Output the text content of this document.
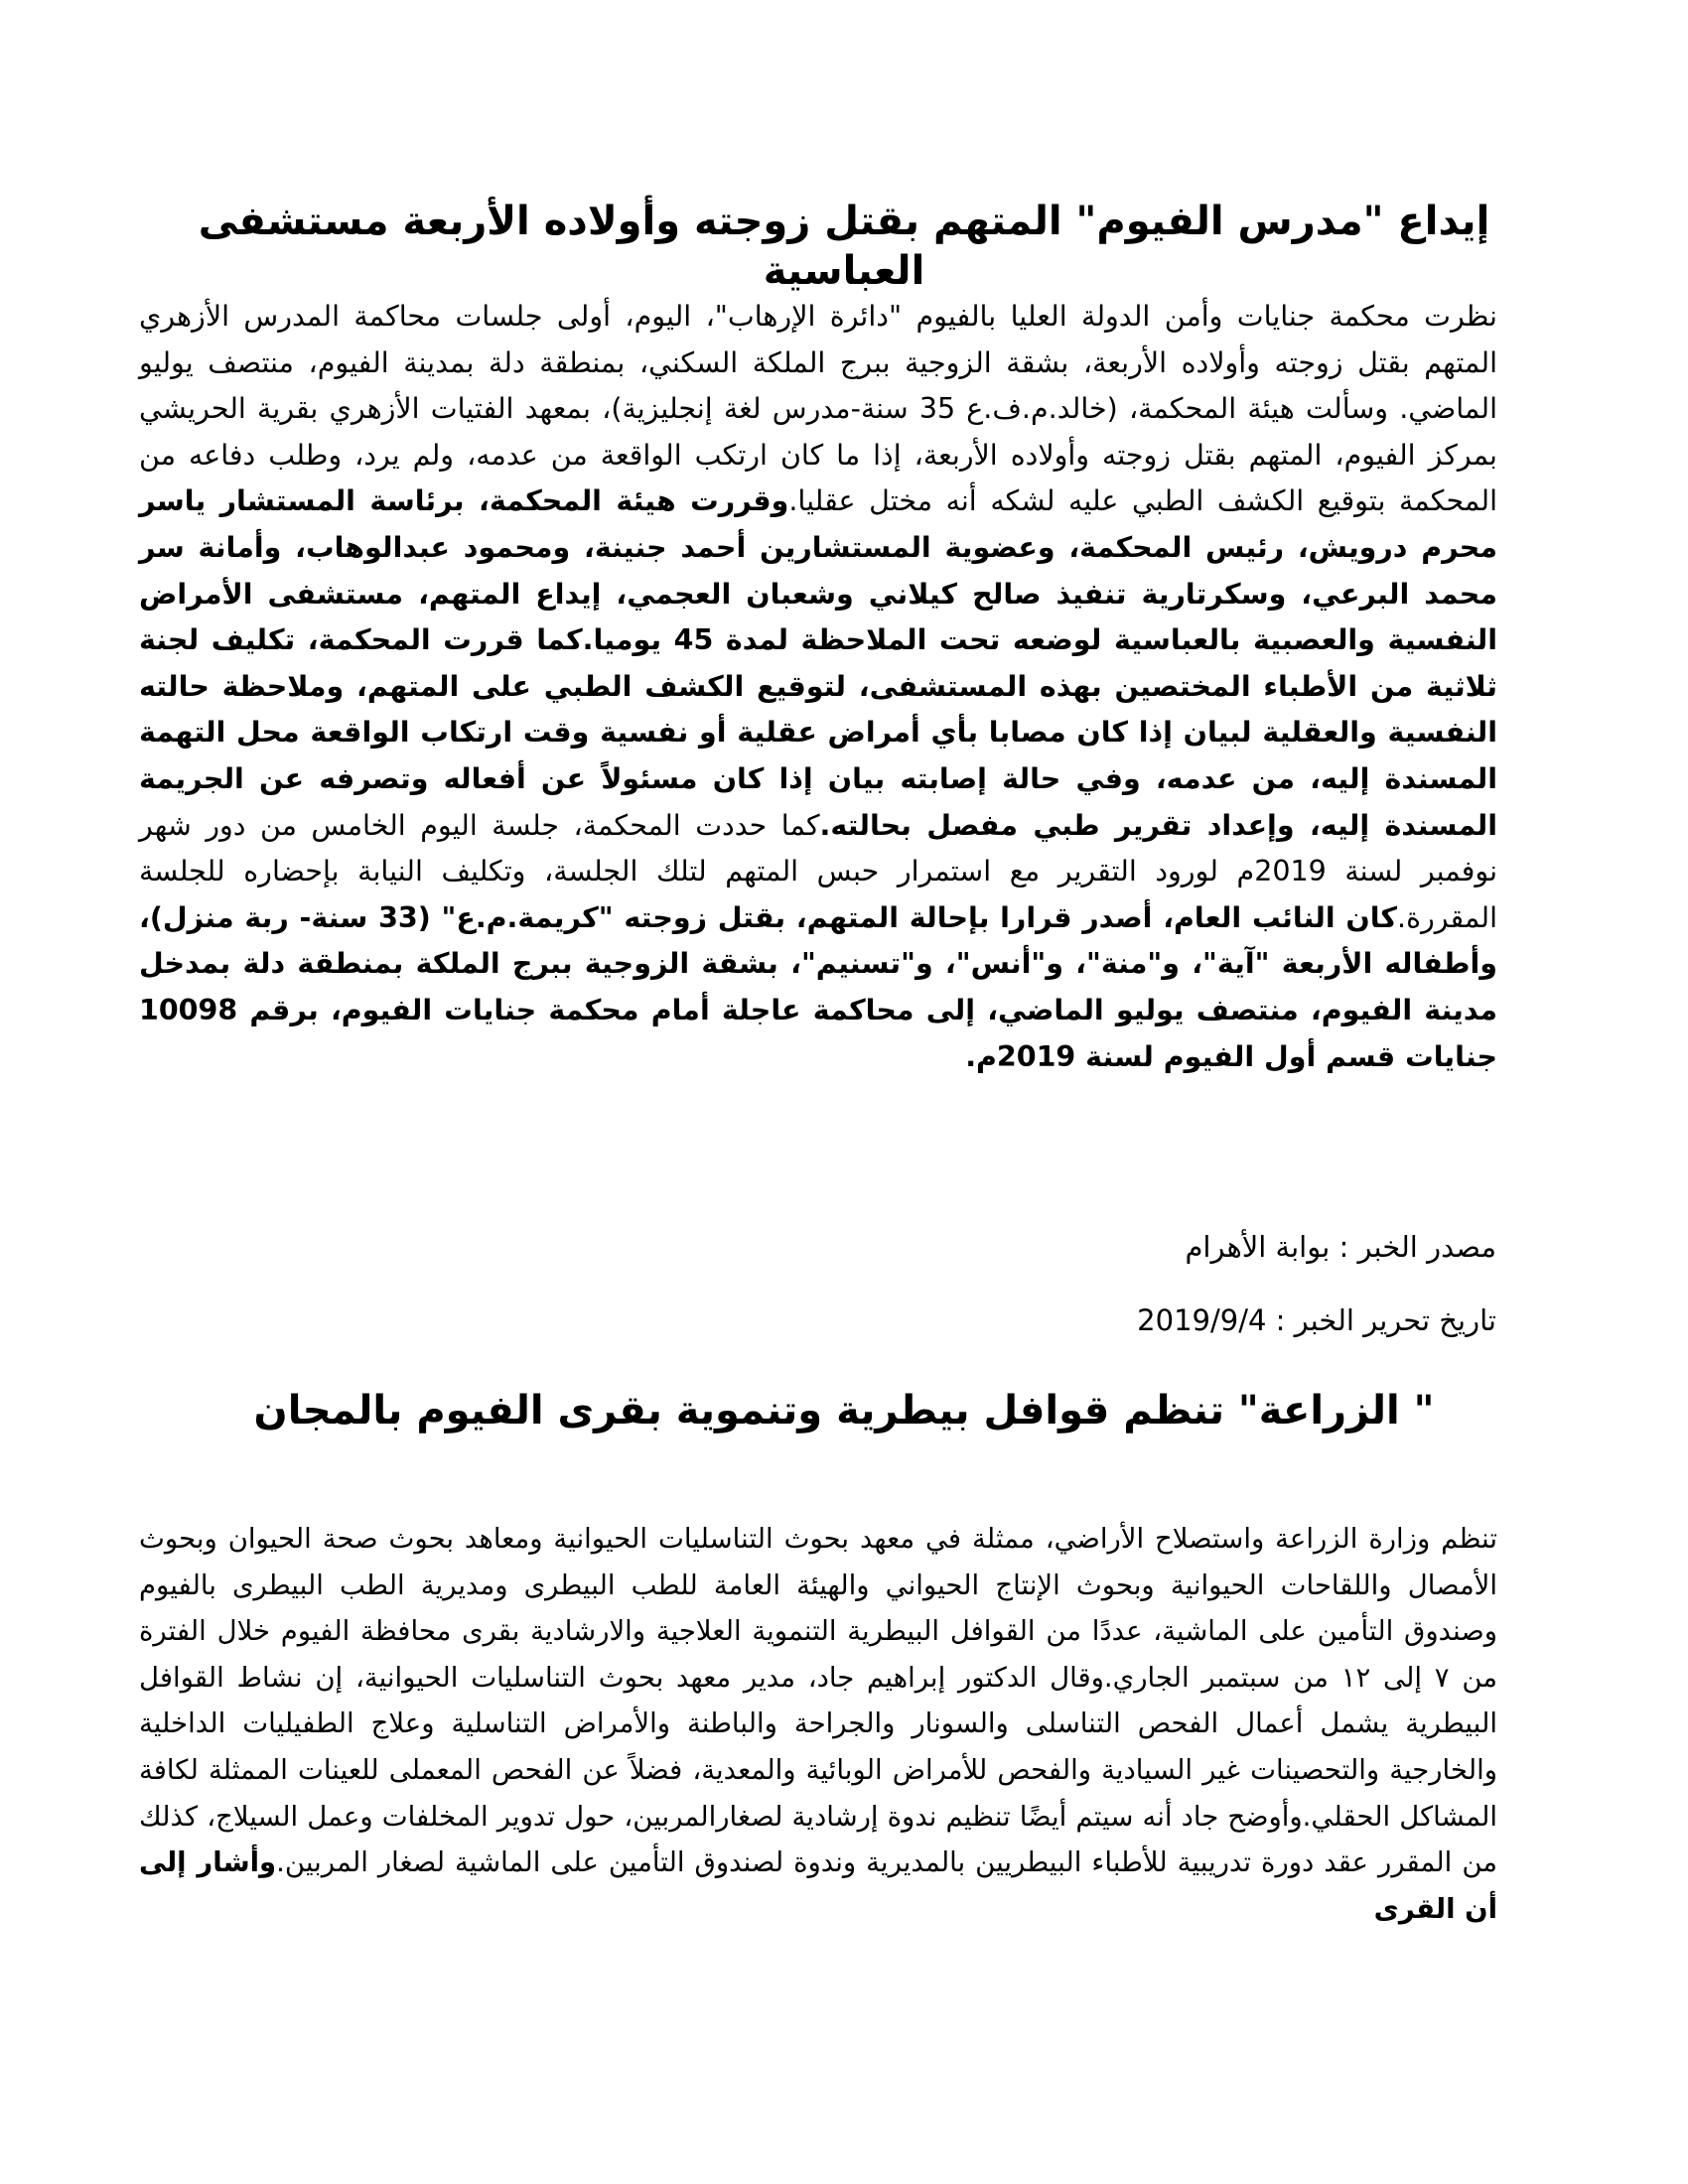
إيداع "مدرس الفيوم" المتهم بقتل زوجته وأولاده الأربعة مستشفى العباسية

نظرت محكمة جنايات وأمن الدولة العليا بالفيوم "دائرة الإرهاب"، اليوم، أولى جلسات محاكمة المدرس الأزهري المتهم بقتل زوجته وأولاده الأربعة، بشقة الزوجية ببرج الملكة السكني، بمنطقة دلة بمدينة الفيوم، منتصف يوليو الماضي. وسألت هيئة المحكمة، (خالد.م.ف.ع 35 سنة-مدرس لغة إنجليزية)، بمعهد الفتيات الأزهري بقرية الحريشي بمركز الفيوم، المتهم بقتل زوجته وأولاده الأربعة، إذا ما كان ارتكب الواقعة من عدمه، ولم يرد، وطلب دفاعه من المحكمة بتوقيع الكشف الطبي عليه لشكه أنه مختل عقليا.وقررت هيئة المحكمة، برئاسة المستشار ياسر محرم درويش، رئيس المحكمة، وعضوية المستشارين أحمد جنينة، ومحمود عبدالوهاب، وأمانة سر محمد البرعي، وسكرتارية تنفيذ صالح كيلاني وشعبان العجمي، إيداع المتهم، مستشفى الأمراض النفسية والعصبية بالعباسية لوضعه تحت الملاحظة لمدة 45 يوميا.كما قررت المحكمة، تكليف لجنة ثلاثية من الأطباء المختصين بهذه المستشفى، لتوقيع الكشف الطبي على المتهم، وملاحظة حالته النفسية والعقلية لبيان إذا كان مصابا بأي أمراض عقلية أو نفسية وقت ارتكاب الواقعة محل التهمة المسندة إليه، من عدمه، وفي حالة إصابته بيان إذا كان مسئولاً عن أفعاله وتصرفه عن الجريمة المسندة إليه، وإعداد تقرير طبي مفصل بحالته.كما حددت المحكمة، جلسة اليوم الخامس من دور شهر نوفمبر لسنة 2019م لورود التقرير مع استمرار حبس المتهم لتلك الجلسة، وتكليف النيابة بإحضاره للجلسة المقررة.كان النائب العام، أصدر قرارا بإحالة المتهم، بقتل زوجته "كريمة.م.ع" (33 سنة- ربة منزل)، وأطفاله الأربعة "آية"، و"منة"، و"أنس"، و"تسنيم"، بشقة الزوجية ببرج الملكة بمنطقة دلة بمدخل مدينة الفيوم، منتصف يوليو الماضي، إلى محاكمة عاجلة أمام محكمة جنايات الفيوم، برقم 10098 جنايات قسم أول الفيوم لسنة 2019م.

مصدر الخبر : بوابة الأهرام

تاريخ تحرير الخبر : 2019/9/4

" الزراعة" تنظم قوافل بيطرية وتنموية بقرى الفيوم بالمجان

تنظم وزارة الزراعة واستصلاح الأراضي، ممثلة في معهد بحوث التناسليات الحيوانية ومعاهد بحوث صحة الحيوان وبحوث الأمصال واللقاحات الحيوانية وبحوث الإنتاج الحيواني والهيئة العامة للطب البيطرى ومديرية الطب البيطرى بالفيوم وصندوق التأمين على الماشية، عددًا من القوافل البيطرية التنموية العلاجية والارشادية بقرى محافظة الفيوم خلال الفترة من ٧ إلى ١٢ من سبتمبر الجاري.وقال الدكتور إبراهيم جاد، مدير معهد بحوث التناسليات الحيوانية، إن نشاط القوافل البيطرية يشمل أعمال الفحص التناسلى والسونار والجراحة والباطنة والأمراض التناسلية وعلاج الطفيليات الداخلية والخارجية والتحصينات غير السيادية والفحص للأمراض الوبائية والمعدية، فضلاً عن الفحص المعملى للعينات الممثلة لكافة المشاكل الحقلي.وأوضح جاد أنه سيتم أيضًا تنظيم ندوة إرشادية لصغارالمربين، حول تدوير المخلفات وعمل السيلاج، كذلك من المقرر عقد دورة تدريبية للأطباء البيطريين بالمديرية وندوة لصندوق التأمين على الماشية لصغار المربين.وأشار إلى أن القرى
